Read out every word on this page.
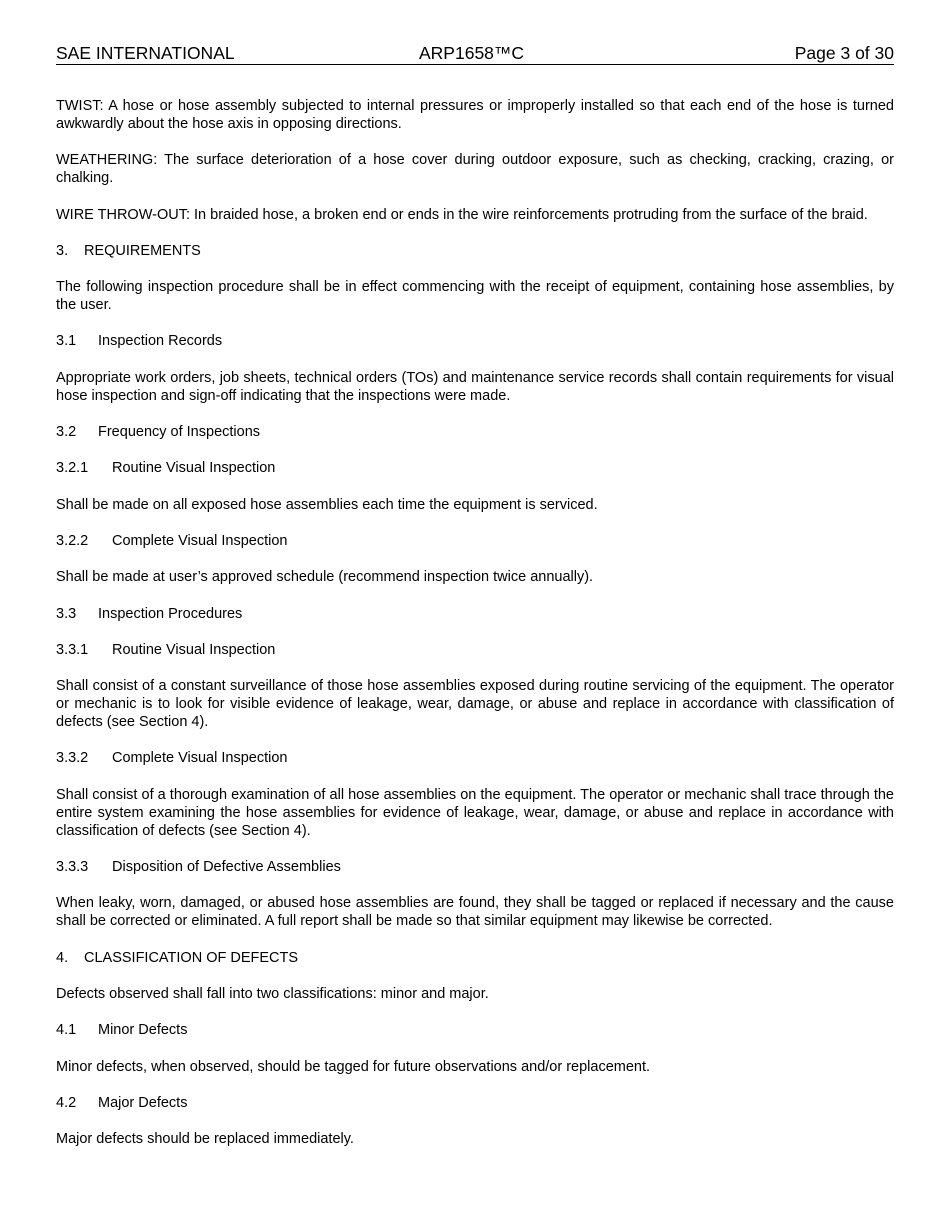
SAE INTERNATIONAL	ARP1658™C	Page 3 of 30

TWIST: A hose or hose assembly subjected to internal pressures or improperly installed so that each end of the hose is turned awkwardly about the hose axis in opposing directions.

WEATHERING: The surface deterioration of a hose cover during outdoor exposure, such as checking, cracking, crazing, or chalking.

WIRE THROW-OUT: In braided hose, a broken end or ends in the wire reinforcements protruding from the surface of the braid.

3. REQUIREMENTS

The following inspection procedure shall be in effect commencing with the receipt of equipment, containing hose assemblies, by the user.

3.1 Inspection Records

Appropriate work orders, job sheets, technical orders (TOs) and maintenance service records shall contain requirements for visual hose inspection and sign-off indicating that the inspections were made.

3.2 Frequency of Inspections
3.2.1 Routine Visual Inspection

Shall be made on all exposed hose assemblies each time the equipment is serviced.

3.2.2 Complete Visual Inspection

Shall be made at user’s approved schedule (recommend inspection twice annually).

3.3 Inspection Procedures
3.3.1 Routine Visual Inspection

Shall consist of a constant surveillance of those hose assemblies exposed during routine servicing of the equipment. The operator or mechanic is to look for visible evidence of leakage, wear, damage, or abuse and replace in accordance with classification of defects (see Section 4).

3.3.2 Complete Visual Inspection

Shall consist of a thorough examination of all hose assemblies on the equipment. The operator or mechanic shall trace through the entire system examining the hose assemblies for evidence of leakage, wear, damage, or abuse and replace in accordance with classification of defects (see Section 4).

3.3.3 Disposition of Defective Assemblies

When leaky, worn, damaged, or abused hose assemblies are found, they shall be tagged or replaced if necessary and the cause shall be corrected or eliminated. A full report shall be made so that similar equipment may likewise be corrected.

4. CLASSIFICATION OF DEFECTS

Defects observed shall fall into two classifications: minor and major.

4.1 Minor Defects

Minor defects, when observed, should be tagged for future observations and/or replacement.

4.2 Major Defects

Major defects should be replaced immediately.
